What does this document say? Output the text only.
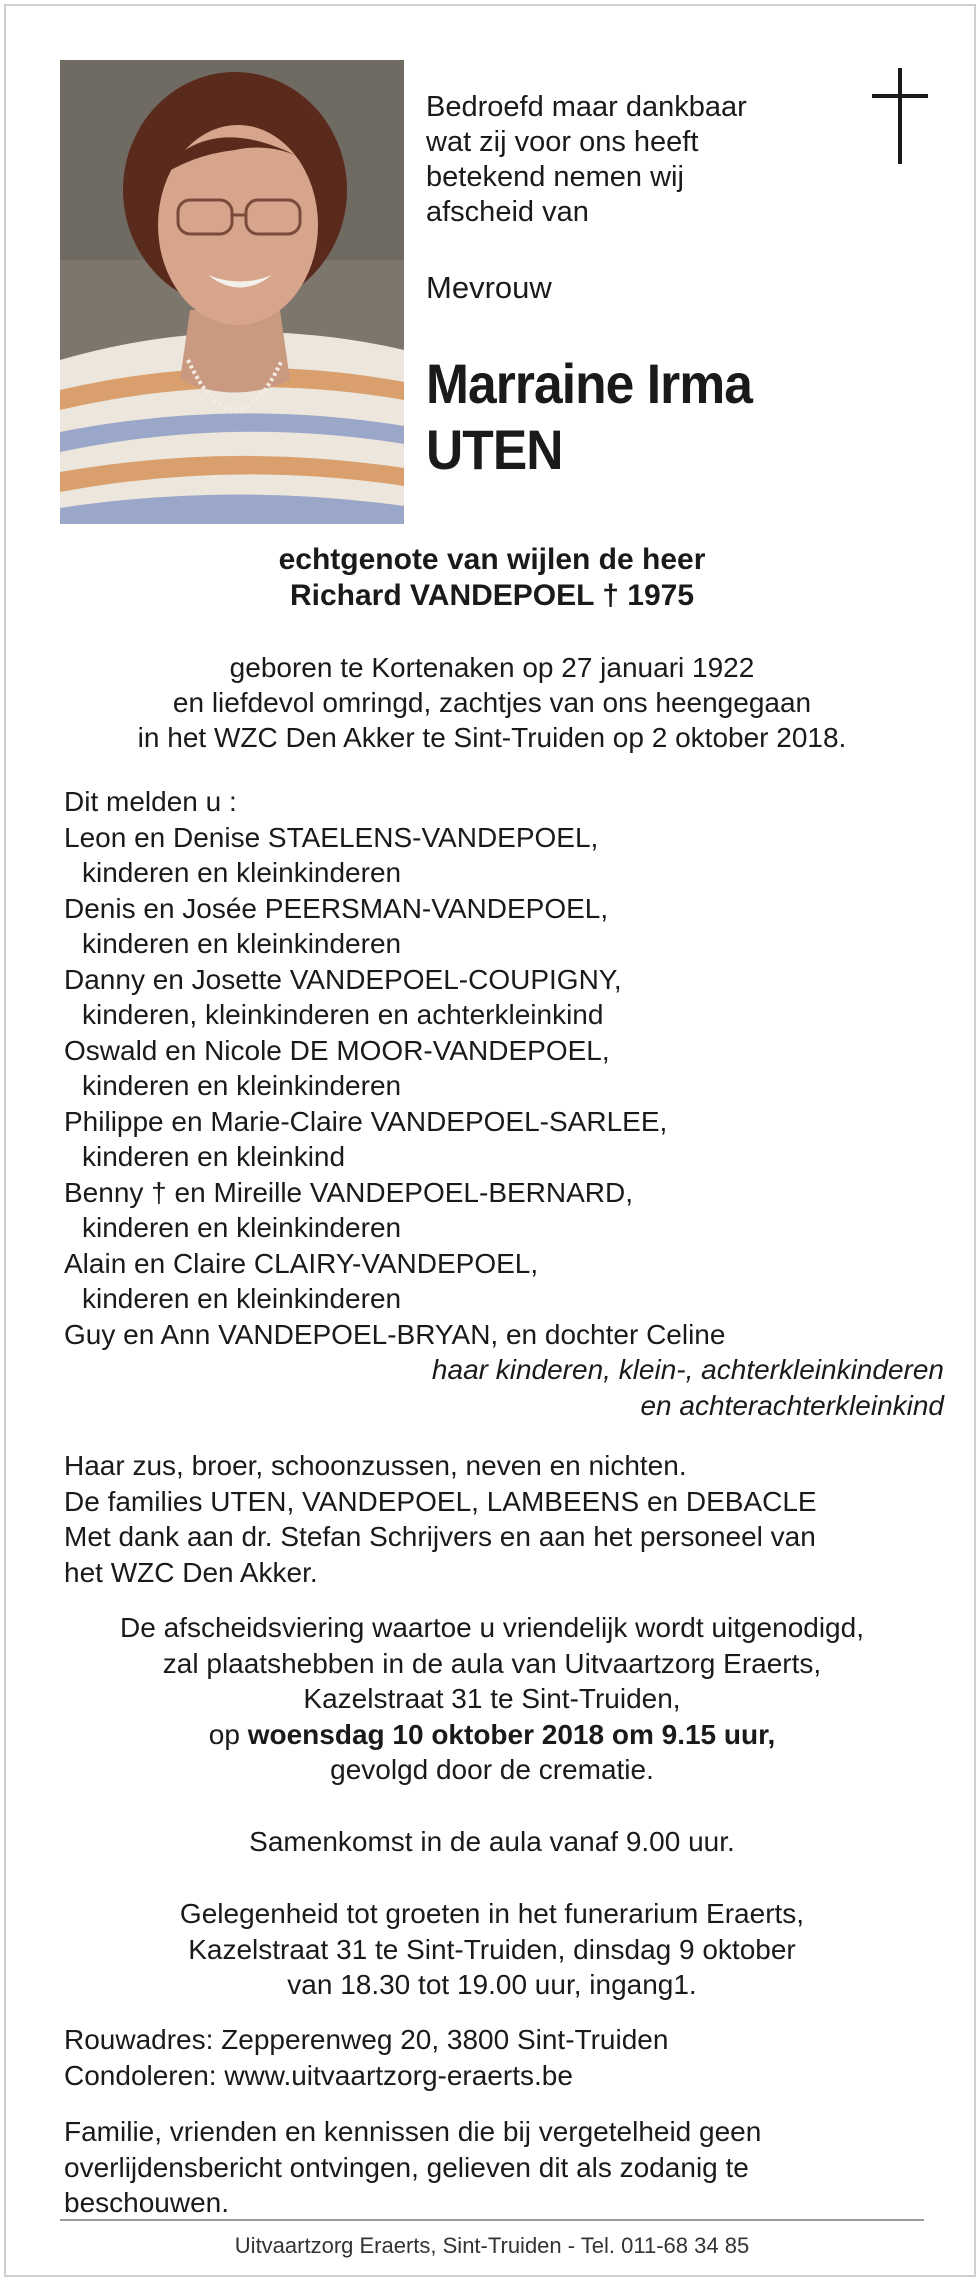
Bedroefd maar dankbaar
wat zij voor ons heeft
betekend nemen wij
afscheid van
Mevrouw
Marraine Irma
UTEN
echtgenote van wijlen de heer
Richard VANDEPOEL † 1975
geboren te Kortenaken op 27 januari 1922
en liefdevol omringd, zachtjes van ons heengegaan
in het WZC Den Akker te Sint-Truiden op 2 oktober 2018.
Dit melden u :
Leon en Denise STAELENS-VANDEPOEL,
kinderen en kleinkinderen
Denis en Josée PEERSMAN-VANDEPOEL,
kinderen en kleinkinderen
Danny en Josette VANDEPOEL-COUPIGNY,
kinderen, kleinkinderen en achterkleinkind
Oswald en Nicole DE MOOR-VANDEPOEL,
kinderen en kleinkinderen
Philippe en Marie-Claire VANDEPOEL-SARLEE,
kinderen en kleinkind
Benny † en Mireille VANDEPOEL-BERNARD,
kinderen en kleinkinderen
Alain en Claire CLAIRY-VANDEPOEL,
kinderen en kleinkinderen
Guy en Ann VANDEPOEL-BRYAN, en dochter Celine
haar kinderen, klein-, achterkleinkinderen
en achterachterkleinkind
Haar zus, broer, schoonzussen, neven en nichten.
De families UTEN, VANDEPOEL, LAMBEENS en DEBACLE
Met dank aan dr. Stefan Schrijvers en aan het personeel van
het WZC Den Akker.
De afscheidsviering waartoe u vriendelijk wordt uitgenodigd,
zal plaatshebben in de aula van Uitvaartzorg Eraerts,
Kazelstraat 31 te Sint-Truiden,
op woensdag 10 oktober 2018 om 9.15 uur,
gevolgd door de crematie.
Samenkomst in de aula vanaf 9.00 uur.
Gelegenheid tot groeten in het funerarium Eraerts,
Kazelstraat 31 te Sint-Truiden, dinsdag 9 oktober
van 18.30 tot 19.00 uur, ingang1.
Rouwadres: Zepperenweg 20, 3800 Sint-Truiden
Condoleren: www.uitvaartzorg-eraerts.be
Familie, vrienden en kennissen die bij vergetelheid geen
overlijdensbericht ontvingen, gelieven dit als zodanig te
beschouwen.
Uitvaartzorg Eraerts, Sint-Truiden - Tel. 011-68 34 85
